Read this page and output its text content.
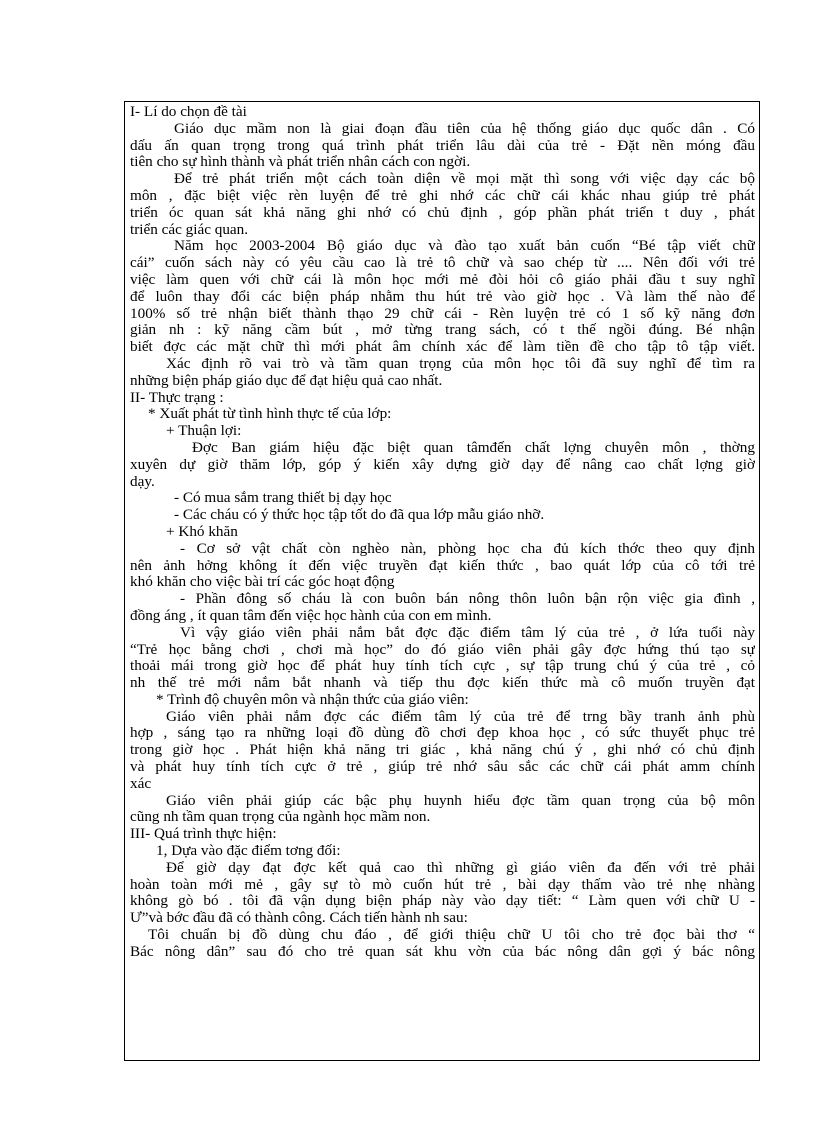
I- Lí do chọn đề tài
Giáo dục mầm non là giai đoạn đầu tiên của hệ thống giáo dục quốc dân . Có
dấu ấn quan trọng trong quá trình phát triển lâu dài của trẻ - Đặt nền móng đầu
tiên cho sự hình thành và phát triển nhân cách con ngời.
Để trẻ phát triển một cách toàn diện về mọi mặt thì song với việc dạy các bộ
môn , đặc biệt việc rèn luyện để trẻ ghi nhớ các chữ cái khác nhau giúp trẻ phát
triển óc quan sát khả năng ghi nhớ có chủ định , góp phần phát triển t duy , phát
triển các giác quan.
Năm học 2003-2004 Bộ giáo dục và đào tạo xuất bản cuốn “Bé tập viết chữ
cái” cuốn sách này có yêu cầu cao là trẻ tô chữ và sao chép từ .... Nên đối với trẻ
việc làm quen với chữ cái là môn học mới mẻ đòi hỏi cô giáo phải đầu t suy nghĩ
để luôn thay đổi các biện pháp nhằm thu hút trẻ vào giờ học . Và làm thế nào để
100% số trẻ nhận biết thành thạo 29 chữ cái - Rèn luyện trẻ có 1 số kỹ năng đơn
giản nh : kỹ năng cầm bút , mở từng trang sách, có t thế ngồi đúng. Bé nhận
biết đợc các mặt chữ thì mới phát âm chính xác để làm tiền đề cho tập tô tập viết.
Xác định rõ vai trò và tầm quan trọng của môn học tôi đã suy nghĩ để tìm ra
những biện pháp giáo dục để đạt hiệu quả cao nhất.
II- Thực trạng :
* Xuất phát từ tình hình thực tế của lớp:
+ Thuận lợi:
Đợc Ban giám hiệu đặc biệt quan tâmđến chất lợng chuyên môn , thờng
xuyên dự giờ thăm lớp, góp ý kiến xây dựng giờ dạy để nâng cao chất lợng giờ
dạy.
- Có mua sắm trang thiết bị dạy học
- Các cháu có ý thức học tập tốt do đã qua lớp mẫu giáo nhỡ.
+ Khó khăn
- Cơ sở vật chất còn nghèo nàn, phòng học cha đủ kích thớc theo quy định
nên ảnh hởng không ít đến việc truyền đạt kiến thức , bao quát lớp của cô tới trẻ
khó khăn cho việc bài trí các góc hoạt động
- Phần đông số cháu là con buôn bán nông thôn luôn bận rộn việc gia đình ,
đồng áng , ít quan tâm đến việc học hành của con em mình.
Vì vậy giáo viên phải nắm bắt đợc đặc điểm tâm lý của trẻ , ở lứa tuổi này
“Trẻ học bằng chơi , chơi mà học” do đó giáo viên phải gây đợc hứng thú tạo sự
thoải mái trong giờ học để phát huy tính tích cực , sự tập trung chú ý của trẻ , cỏ
nh thế trẻ mới nắm bắt nhanh và tiếp thu đợc kiến thức mà cô muốn truyền đạt
* Trình độ chuyên môn và nhận thức của giáo viên:
Giáo viên phải nắm đợc các điểm tâm lý của trẻ để trng bầy tranh ảnh phù
hợp , sáng tạo ra những loại đồ dùng đồ chơi đẹp khoa học , có sức thuyết phục trẻ
trong giờ học . Phát hiện khả năng tri giác , khả năng chú ý , ghi nhớ có chủ định
và phát huy tính tích cực ở trẻ , giúp trẻ nhớ sâu sắc các chữ cái phát amm chính
xác
Giáo viên phải giúp các bậc phụ huynh hiểu đợc tầm quan trọng của bộ môn
cũng nh tầm quan trọng của ngành học mầm non.
III- Quá trình thực hiện:
1, Dựa vào đặc điểm tơng đối:
Để giờ dạy đạt đợc kết quả cao thì những gì giáo viên đa đến với trẻ phải
hoàn toàn mới mẻ , gây sự tò mò cuốn hút trẻ , bài dạy thấm vào trẻ nhẹ nhàng
không gò bó . tôi đã vận dụng biện pháp này vào dạy tiết: “ Làm quen với chữ U -
Ư”và bớc đầu đã có thành công. Cách tiến hành nh sau:
Tôi chuẩn bị đồ dùng chu đáo , để giới thiệu chữ U tôi cho trẻ đọc bài thơ “
Bác nông dân” sau đó cho trẻ quan sát khu vờn của bác nông dân gợi ý bác nông
